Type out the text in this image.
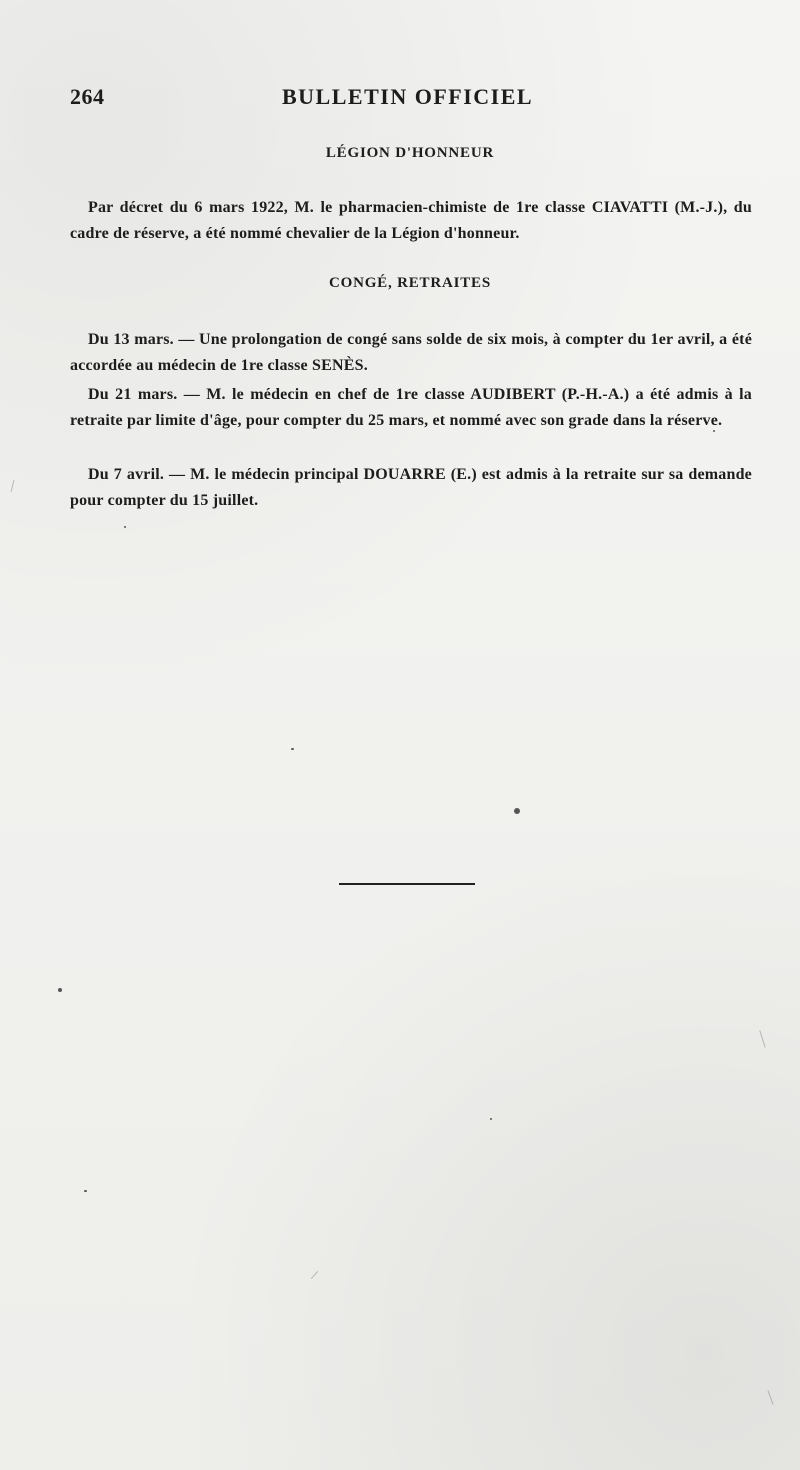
264	BULLETIN OFFICIEL
LÉGION D'HONNEUR

Par décret du 6 mars 1922, M. le pharmacien-chimiste de 1re classe CIAVATTI (M.-J.), du cadre de réserve, a été nommé chevalier de la Légion d'honneur.

CONGÉ, RETRAITES

Du 13 mars. — Une prolongation de congé sans solde de six mois, à compter du 1er avril, a été accordée au médecin de 1re classe SENÈS.

Du 21 mars. — M. le médecin en chef de 1re classe AUDIBERT (P.-H.-A.) a été admis à la retraite par limite d'âge, pour compter du 25 mars, et nommé avec son grade dans la réserve.

Du 7 avril. — M. le médecin principal DOUARRE (E.) est admis à la retraite sur sa demande pour compter du 15 juillet.
